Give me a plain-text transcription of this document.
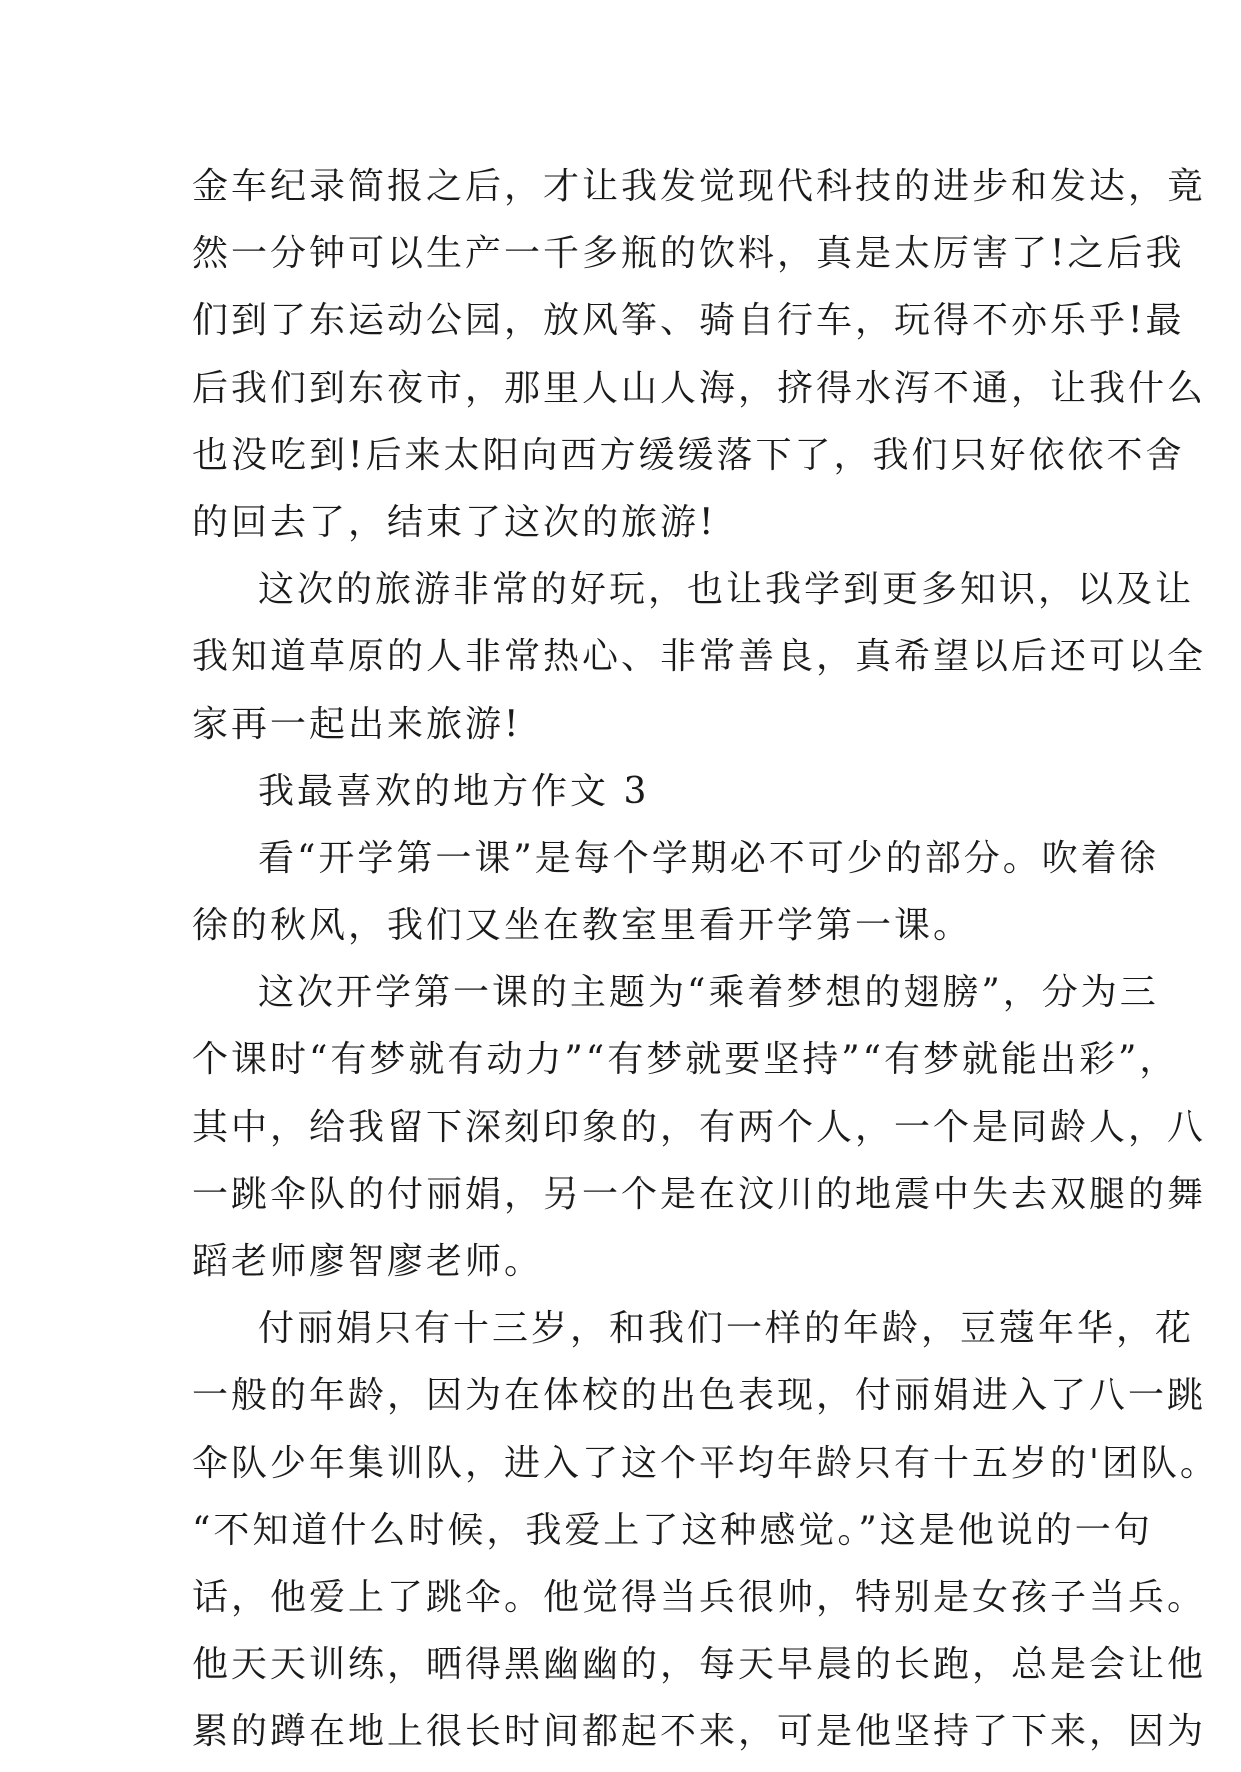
金车纪录简报之后，才让我发觉现代科技的进步和发达，竟
然一分钟可以生产一千多瓶的饮料，真是太厉害了!之后我
们到了东运动公园，放风筝、骑自行车，玩得不亦乐乎!最
后我们到东夜市，那里人山人海，挤得水泻不通，让我什么
也没吃到!后来太阳向西方缓缓落下了，我们只好依依不舍
的回去了，结束了这次的旅游!
这次的旅游非常的好玩，也让我学到更多知识，以及让
我知道草原的人非常热心、非常善良，真希望以后还可以全
家再一起出来旅游!
我最喜欢的地方作文 3
看“开学第一课”是每个学期必不可少的部分。吹着徐
徐的秋风，我们又坐在教室里看开学第一课。
这次开学第一课的主题为“乘着梦想的翅膀”，分为三
个课时“有梦就有动力”“有梦就要坚持”“有梦就能出彩”，
其中，给我留下深刻印象的，有两个人，一个是同龄人，八
一跳伞队的付丽娟，另一个是在汶川的地震中失去双腿的舞
蹈老师廖智廖老师。
付丽娟只有十三岁，和我们一样的年龄，豆蔻年华，花
一般的年龄，因为在体校的出色表现，付丽娟进入了八一跳
伞队少年集训队，进入了这个平均年龄只有十五岁的'团队。
“不知道什么时候，我爱上了这种感觉。”这是他说的一句
话，他爱上了跳伞。他觉得当兵很帅，特别是女孩子当兵。
他天天训练，晒得黑幽幽的，每天早晨的长跑，总是会让他
累的蹲在地上很长时间都起不来，可是他坚持了下来，因为
